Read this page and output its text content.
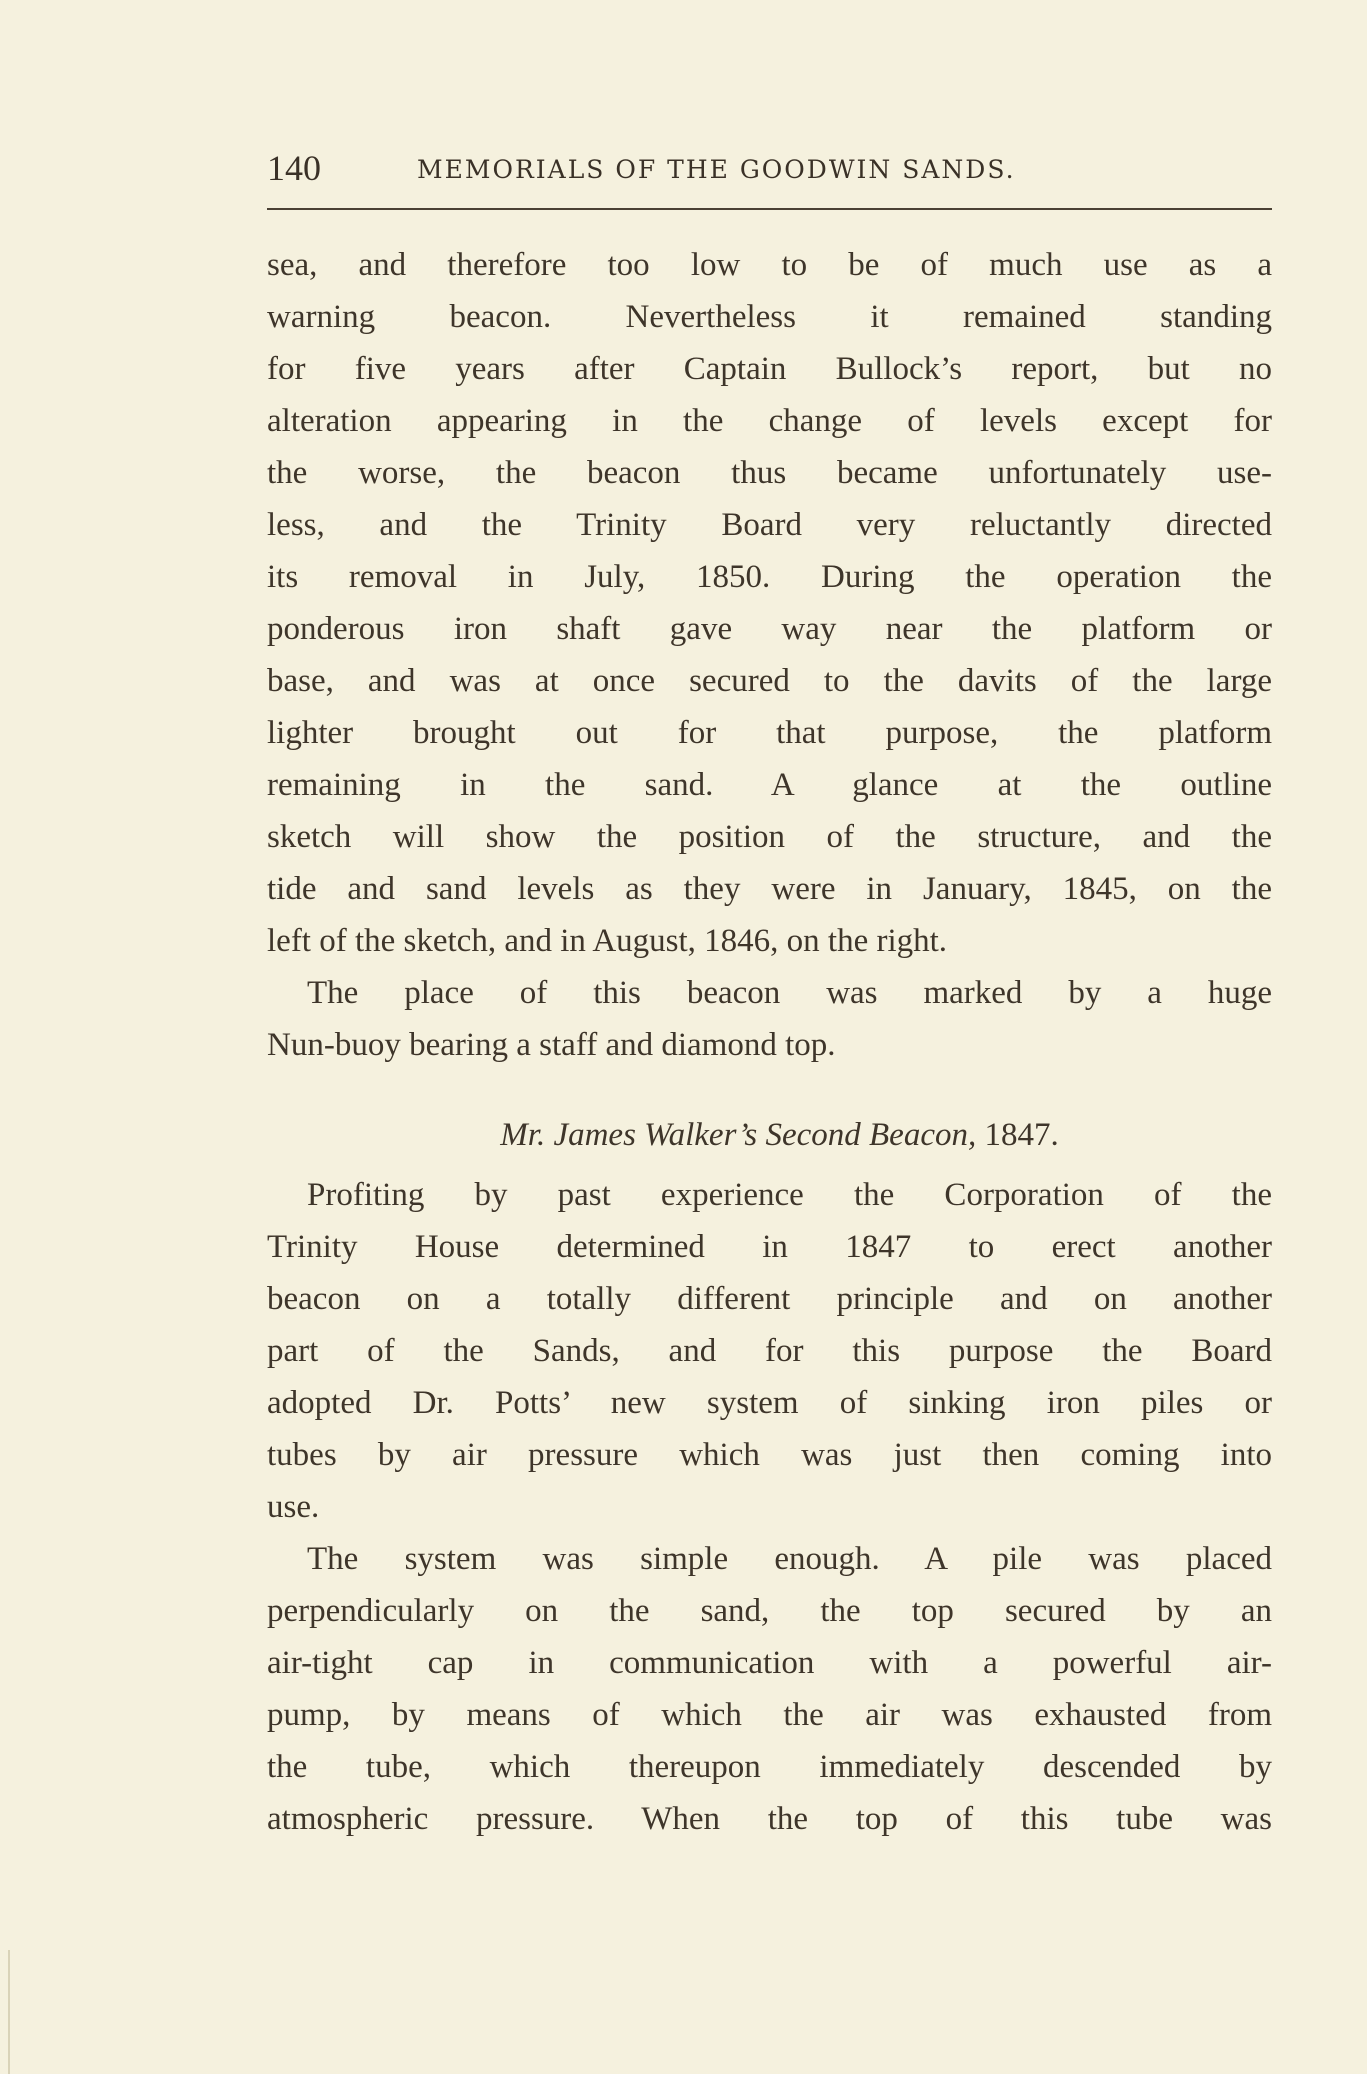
140	MEMORIALS OF THE GOODWIN SANDS.
sea, and therefore too low to be of much use as a
warning beacon. Nevertheless it remained standing
for five years after Captain Bullock’s report, but no
alteration appearing in the change of levels except for
the worse, the beacon thus became unfortunately use-
less, and the Trinity Board very reluctantly directed
its removal in July, 1850. During the operation the
ponderous iron shaft gave way near the platform or
base, and was at once secured to the davits of the large
lighter brought out for that purpose, the platform
remaining in the sand. A glance at the outline
sketch will show the position of the structure, and the
tide and sand levels as they were in January, 1845, on the
left of the sketch, and in August, 1846, on the right.
The place of this beacon was marked by a huge
Nun-buoy bearing a staff and diamond top.
Mr. James Walker’s Second Beacon, 1847.
Profiting by past experience the Corporation of the
Trinity House determined in 1847 to erect another
beacon on a totally different principle and on another
part of the Sands, and for this purpose the Board
adopted Dr. Potts’ new system of sinking iron piles or
tubes by air pressure which was just then coming into
use.
The system was simple enough. A pile was placed
perpendicularly on the sand, the top secured by an
air-tight cap in communication with a powerful air-
pump, by means of which the air was exhausted from
the tube, which thereupon immediately descended by
atmospheric pressure. When the top of this tube was
